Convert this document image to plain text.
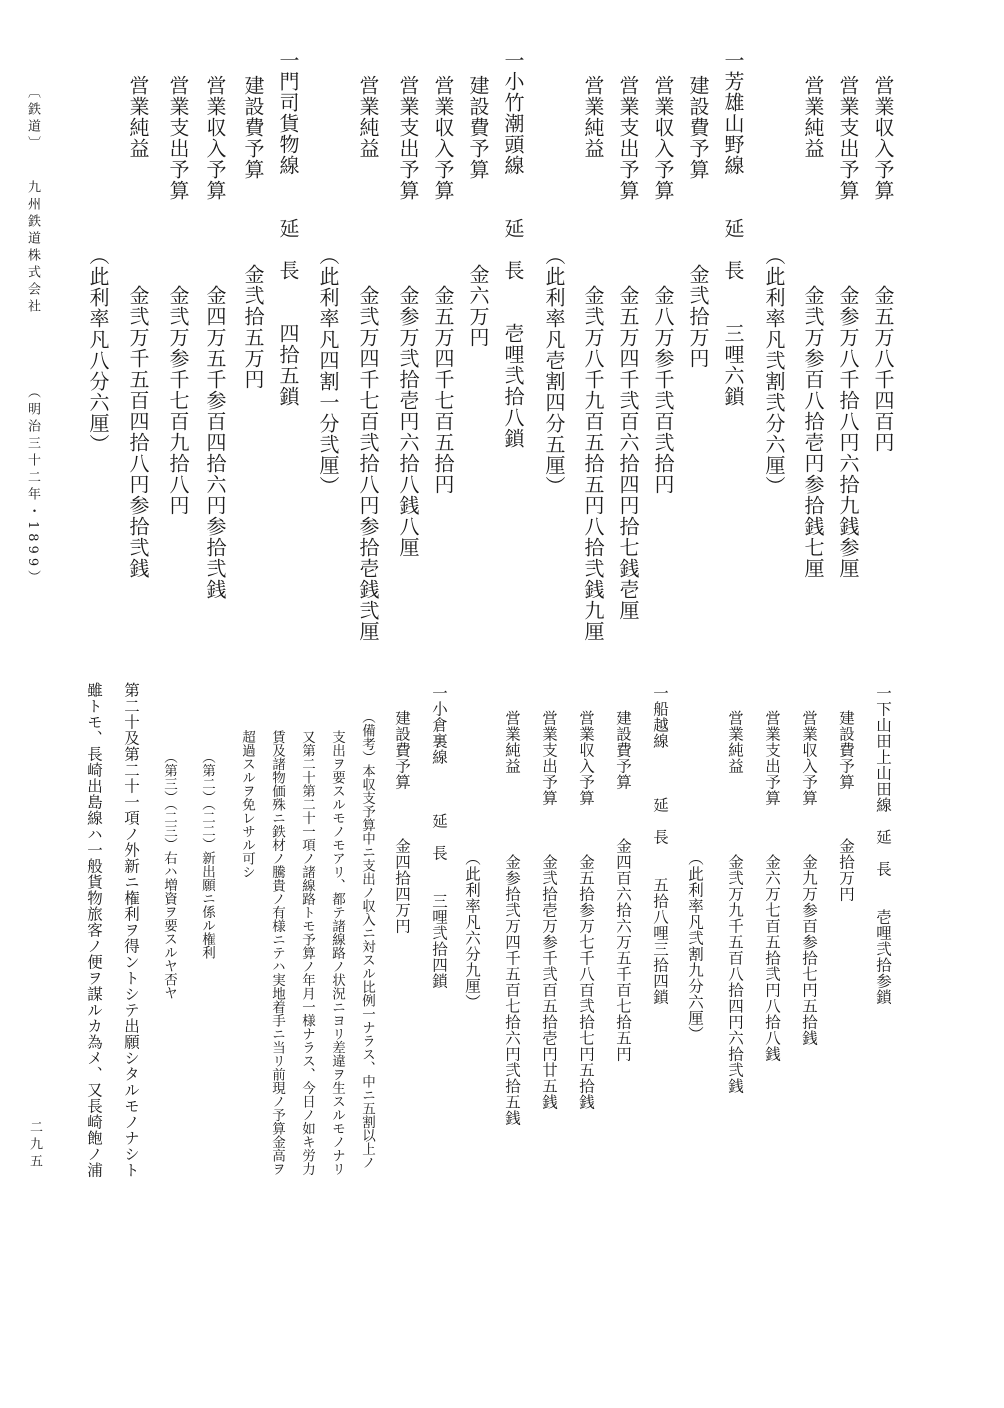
〔鉄道〕
九州鉄道株式会社
（明治三十二年・1899）
二九五
営業収入予算　　　　金五万八千四百円
営業支出予算　　　　金参万八千拾八円六拾九銭参厘
営業純益　　　　　　金弐万参百八拾壱円参拾銭七厘
（此利率凡弐割弐分六厘）
一芳雄山野線　　延　長　　三哩六鎖
建設費予算　　　　金弐拾万円
営業収入予算　　　　金八万参千弐百弐拾円
営業支出予算　　　　金五万四千弐百六拾四円拾七銭壱厘
営業純益　　　　　　金弐万八千九百五拾五円八拾弐銭九厘
（此利率凡壱割四分五厘）
一小竹潮頭線　　延　長　　壱哩弐拾八鎖
建設費予算　　　　金六万円
営業収入予算　　　　金五万四千七百五拾円
営業支出予算　　　　金参万弐拾壱円六拾八銭八厘
営業純益　　　　　　金弐万四千七百弐拾八円参拾壱銭弐厘
（此利率凡四割一分弐厘）
一門司貨物線　　延　長　　四拾五鎖
建設費予算　　　　金弐拾五万円
営業収入予算　　　　金四万五千参百四拾六円参拾弐銭
営業支出予算　　　　金弐万参千七百九拾八円
営業純益　　　　　　金弐万千五百四拾八円参拾弐銭
（此利率凡八分六厘）
一下山田上山田線　延　長　　壱哩弐拾参鎖
建設費予算　　　金拾万円
営業収入予算　　　金九万参百参拾七円五拾銭
営業支出予算　　　金六万七百五拾弐円八拾八銭
営業純益　　　　　金弐万九千五百八拾四円六拾弐銭
（此利率凡弐割九分六厘）
一船越線　　　延　長　　五拾八哩三拾四鎖
建設費予算　　　金四百六拾六万五千百七拾五円
営業収入予算　　　金五拾参万七千八百弐拾七円五拾銭
営業支出予算　　　金弐拾壱万参千弐百五拾壱円廿五銭
営業純益　　　　　金参拾弐万四千五百七拾六円弐拾五銭
（此利率凡六分九厘）
一小倉裏線　　　延　長　　三哩弐拾四鎖
建設費予算　　　金四拾四万円
（備考）本収支予算中ニ支出ノ収入ニ対スル比例一ナラス、中ニ五割以上ノ
支出ヲ要スルモノモアリ、都テ諸線路ノ状況ニヨリ差違ヲ生スルモノナリ
又第二十第二十一項ノ諸線路トモ予算ノ年月一様ナラス、今日ノ如キ労力
賃及諸物価殊ニ鉄材ノ騰貴ノ有様ニテハ実地着手ニ当リ前現ノ予算金高ヲ
超過スルヲ免レサル可シ
（第二）（二二）新出願ニ係ル権利
（第三）（二三）右ハ増資ヲ要スルヤ否ヤ
第二十及第二十一項ノ外新ニ権利ヲ得ントシテ出願シタルモノナシト
雖トモ、長崎出島線ハ一般貨物旅客ノ便ヲ謀ルカ為メ、又長崎飽ノ浦
